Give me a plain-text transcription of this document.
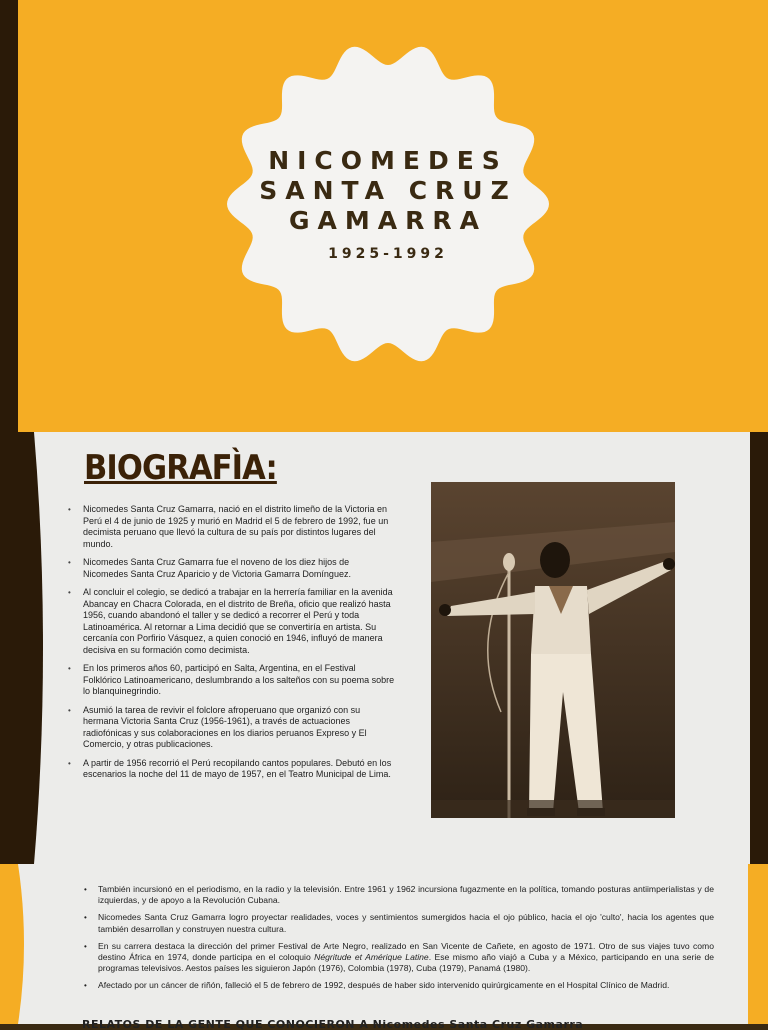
NICOMEDES

SANTA CRUZ

GAMARRA

1925-1992
BIOGRAFÌA:
• Nicomedes Santa Cruz Gamarra, nació en el distrito limeño de la Victoria en Perú el 4 de junio de 1925 y murió en Madrid el 5 de febrero de 1992, fue un decimista peruano que llevó la cultura de su país por distintos lugares del mundo.
• Nicomedes Santa Cruz Gamarra fue el noveno de los diez hijos de Nicomedes Santa Cruz Aparicio y de Victoria Gamarra Domínguez.
• Al concluir el colegio, se dedicó a trabajar en la herrería familiar en la avenida Abancay en Chacra Colorada, en el distrito de Breña, oficio que realizó hasta 1956, cuando abandonó el taller y se dedicó a recorrer el Perú y toda Latinoamérica. Al retornar a Lima decidió que se convertiría en artista. Su cercanía con Porfirio Vásquez, a quien conoció en 1946, influyó de manera decisiva en su formación como decimista.
• En los primeros años 60, participó en Salta, Argentina, en el Festival Folklórico Latinoamericano, deslumbrando a los salteños con su poema sobre lo blanquinegrindio.
• Asumió la tarea de revivir el folclore afroperuano que organizó con su hermana Victoria Santa Cruz (1956-1961), a través de actuaciones radiofónicas y sus colaboraciones en los diarios peruanos Expreso y El Comercio, y otras publicaciones.
• A partir de 1956 recorrió el Perú recopilando cantos populares. Debutó en los escenarios la noche del 11 de mayo de 1957, en el Teatro Municipal de Lima.
• También incursionó en el periodismo, en la radio y la televisión. Entre 1961 y 1962 incursiona fugazmente en la política, tomando posturas antiimperialistas y de izquierdas, y de apoyo a la Revolución Cubana.
• Nicomedes Santa Cruz Gamarra logro proyectar realidades, voces y sentimientos sumergidos hacia el ojo público, hacia el ojo 'culto', hacia los agentes que también desarrollan y construyen nuestra cultura.
• En su carrera destaca la dirección del primer Festival de Arte Negro, realizado en San Vicente de Cañete, en agosto de 1971. Otro de sus viajes tuvo como destino África en 1974, donde participa en el coloquio Négritude et Amérique Latine. Ese mismo año viajó a Cuba y a México, participando en una serie de programas televisivos. Aestos países les siguieron Japón (1976), Colombia (1978), Cuba (1979), Panamá (1980).
• Afectado por un cáncer de riñón, falleció el 5 de febrero de 1992, después de haber sido intervenido quirúrgicamente en el Hospital Clínico de Madrid.
RELATOS DE LA GENTE QUE CONOCIERON A Nicomedes Santa Cruz Gamarra
